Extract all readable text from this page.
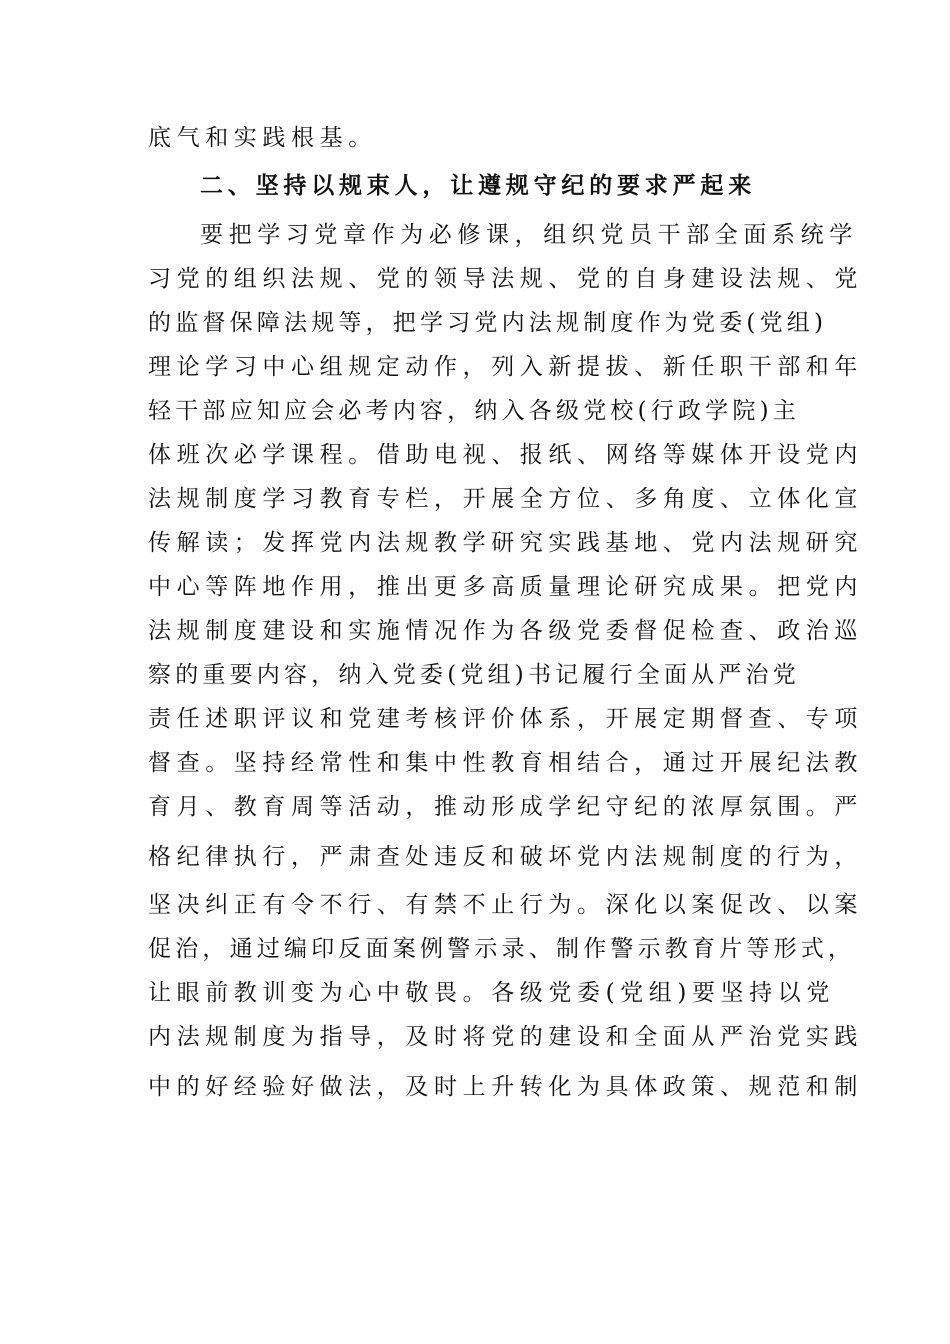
底气和实践根基。
二、坚持以规束人，让遵规守纪的要求严起来
要把学习党章作为必修课，组织党员干部全面系统学
习党的组织法规、党的领导法规、党的自身建设法规、党
的监督保障法规等，把学习党内法规制度作为党委(党组)
理论学习中心组规定动作，列入新提拔、新任职干部和年
轻干部应知应会必考内容，纳入各级党校(行政学院)主
体班次必学课程。借助电视、报纸、网络等媒体开设党内
法规制度学习教育专栏，开展全方位、多角度、立体化宣
传解读；发挥党内法规教学研究实践基地、党内法规研究
中心等阵地作用，推出更多高质量理论研究成果。把党内
法规制度建设和实施情况作为各级党委督促检查、政治巡
察的重要内容，纳入党委(党组)书记履行全面从严治党
责任述职评议和党建考核评价体系，开展定期督查、专项
督查。坚持经常性和集中性教育相结合，通过开展纪法教
育月、教育周等活动，推动形成学纪守纪的浓厚氛围。严
格纪律执行，严肃查处违反和破坏党内法规制度的行为，
坚决纠正有令不行、有禁不止行为。深化以案促改、以案
促治，通过编印反面案例警示录、制作警示教育片等形式，
让眼前教训变为心中敬畏。各级党委(党组)要坚持以党
内法规制度为指导，及时将党的建设和全面从严治党实践
中的好经验好做法，及时上升转化为具体政策、规范和制
